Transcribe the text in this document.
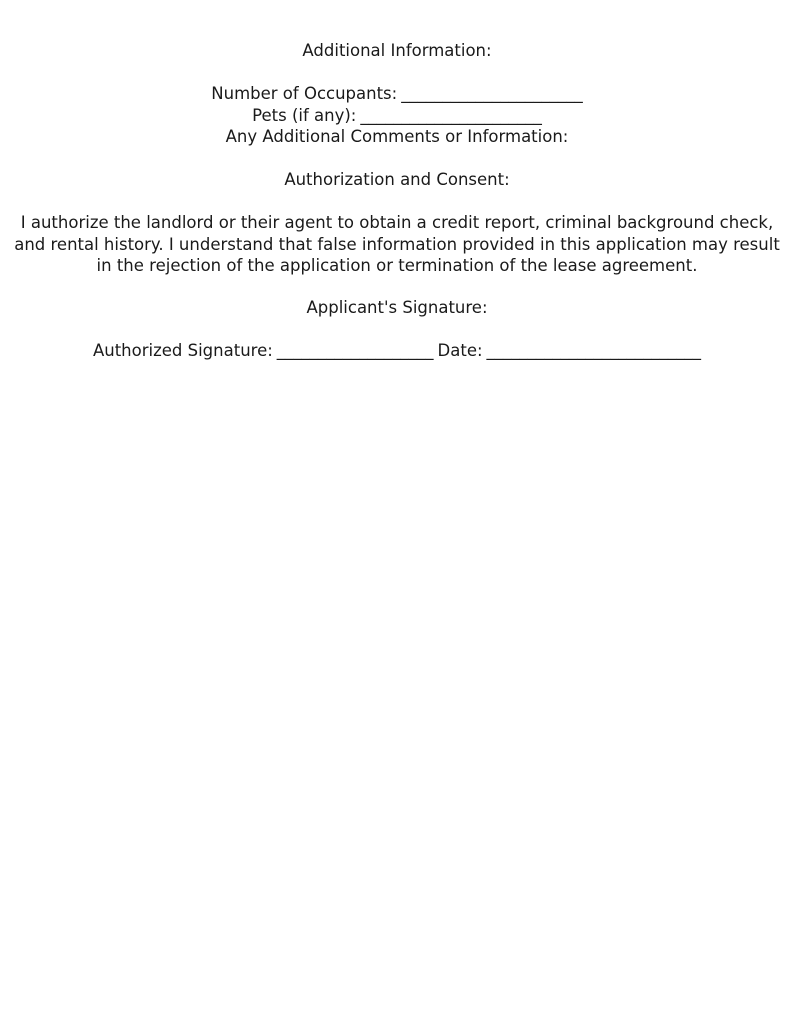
Additional Information:
Number of Occupants: ______________________
Pets (if any): ______________________
Any Additional Comments or Information:
Authorization and Consent:
I authorize the landlord or their agent to obtain a credit report, criminal background check, and rental history. I understand that false information provided in this application may result in the rejection of the application or termination of the lease agreement.
Applicant's Signature:
Authorized Signature: ___________________ Date: __________________________
